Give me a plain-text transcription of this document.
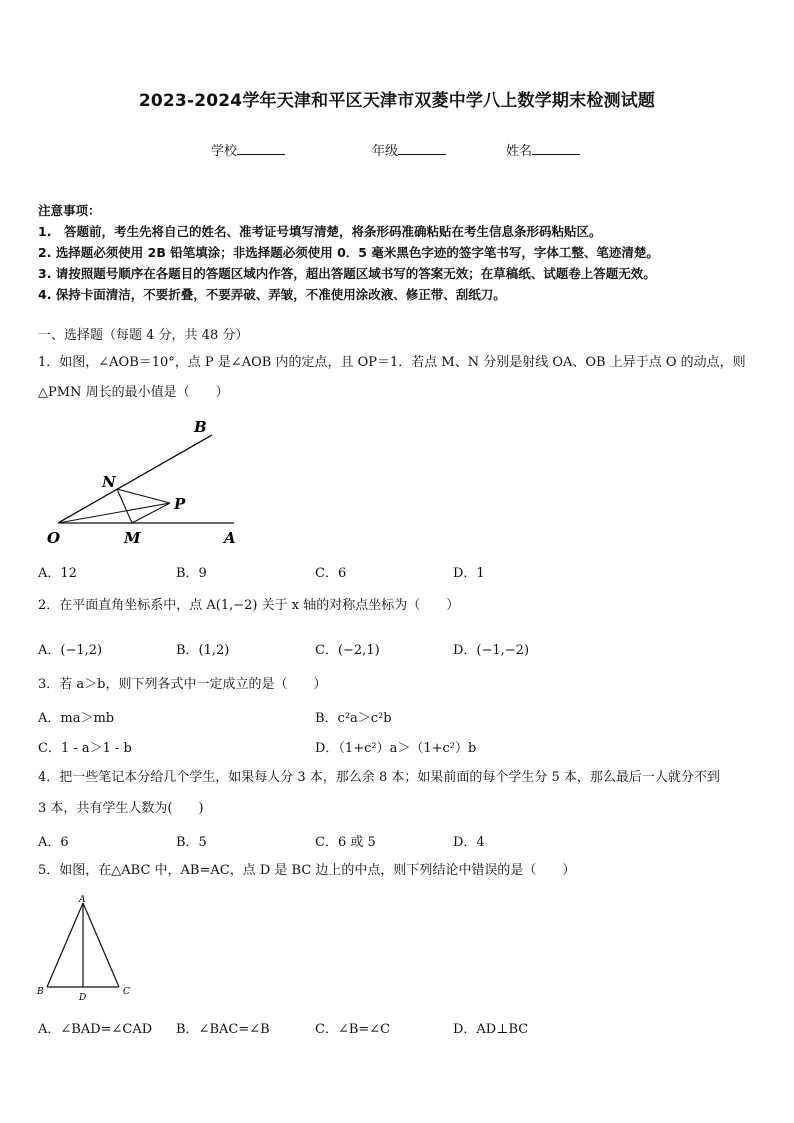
2023-2024学年天津和平区天津市双菱中学八上数学期末检测试题
学校	年级	姓名
注意事项：
1.　答题前，考生先将自己的姓名、准考证号填写清楚，将条形码准确粘贴在考生信息条形码粘贴区。
2. 选择题必须使用 2B 铅笔填涂；非选择题必须使用 0．5 毫米黑色字迹的签字笔书写，字体工整、笔迹清楚。
3. 请按照题号顺序在各题目的答题区域内作答，超出答题区域书写的答案无效；在草稿纸、试题卷上答题无效。
4. 保持卡面清洁，不要折叠，不要弄破、弄皱，不准使用涂改液、修正带、刮纸刀。
一、选择题（每题 4 分，共 48 分）
1．如图，∠AOB＝10°，点 P 是∠AOB 内的定点，且 OP＝1．若点 M、N 分别是射线 OA、OB 上异于点 O 的动点，则
△PMN 周长的最小值是（　　）
B
N
P
O	M	A
A．12	B．9	C．6	D．1
2．在平面直角坐标系中，点 A(1,−2) 关于 x 轴的对称点坐标为（　　）
A．(−1,2)	B．(1,2)	C．(−2,1)	D．(−1,−2)
3．若 a＞b，则下列各式中一定成立的是（　　）
A．ma＞mb	B．c²a＞c²b
C．1 - a＞1 - b	D．（1+c²）a＞（1+c²）b
4．把一些笔记本分给几个学生，如果每人分 3 本，那么余 8 本；如果前面的每个学生分 5 本，那么最后一人就分不到
3 本，共有学生人数为(　　)
A．6	B．5	C．6 或 5	D．4
5．如图，在△ABC 中，AB=AC，点 D 是 BC 边上的中点，则下列结论中错误的是（　　）
A
B
D
C
A．∠BAD=∠CAD B．∠BAC=∠B	C．∠B=∠C	D．AD⊥BC
